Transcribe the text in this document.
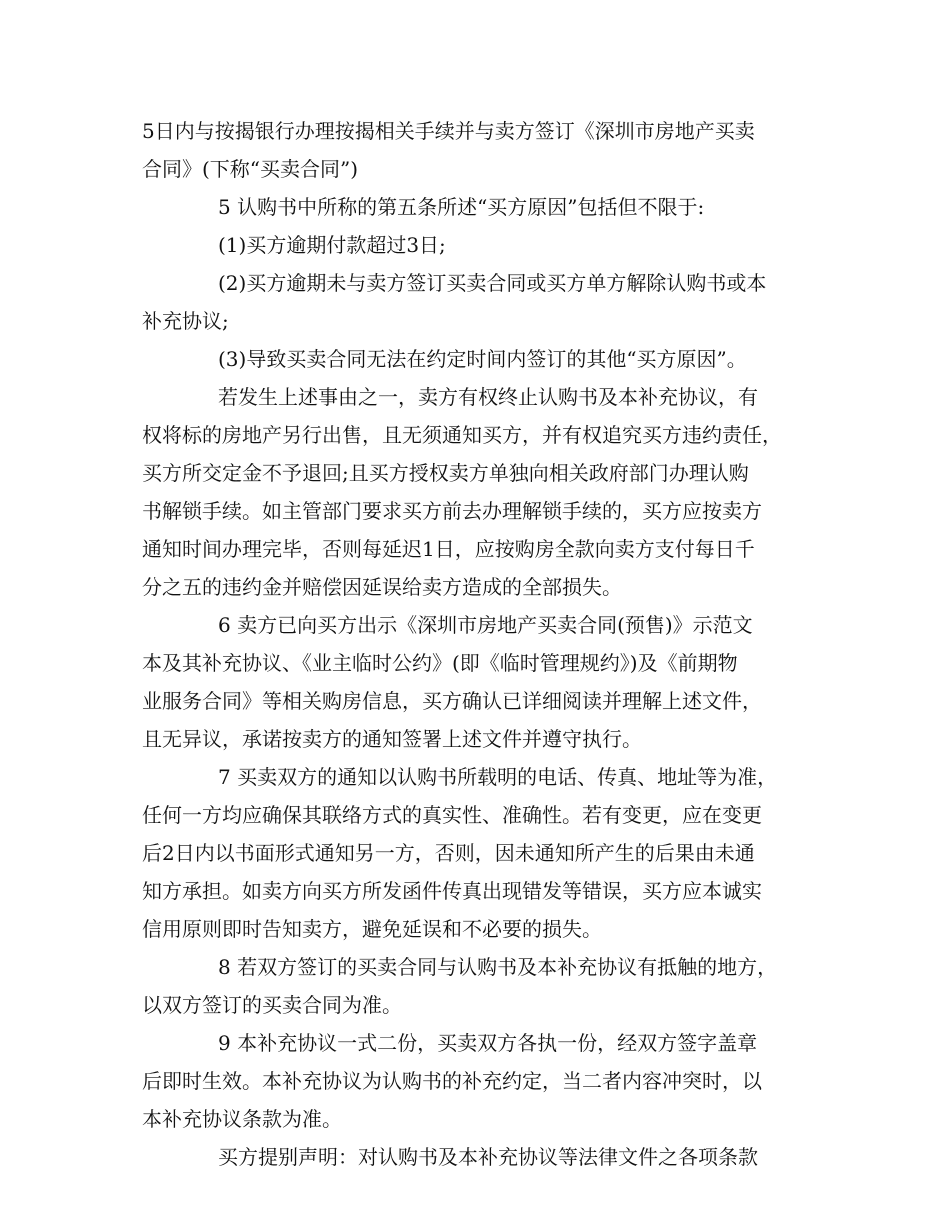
5日内与按揭银行办理按揭相关手续并与卖方签订《深圳市房地产买卖
合同》(下称“买卖合同”)
5 认购书中所称的第五条所述“买方原因”包括但不限于:
(1)买方逾期付款超过3日;
(2)买方逾期未与卖方签订买卖合同或买方单方解除认购书或本
补充协议;
(3)导致买卖合同无法在约定时间内签订的其他“买方原因”。
若发生上述事由之一，卖方有权终止认购书及本补充协议，有
权将标的房地产另行出售，且无须通知买方，并有权追究买方违约责任，
买方所交定金不予退回;且买方授权卖方单独向相关政府部门办理认购
书解锁手续。如主管部门要求买方前去办理解锁手续的，买方应按卖方
通知时间办理完毕，否则每延迟1日，应按购房全款向卖方支付每日千
分之五的违约金并赔偿因延误给卖方造成的全部损失。
6 卖方已向买方出示《深圳市房地产买卖合同(预售)》示范文
本及其补充协议、《业主临时公约》(即《临时管理规约》)及《前期物
业服务合同》等相关购房信息，买方确认已详细阅读并理解上述文件，
且无异议，承诺按卖方的通知签署上述文件并遵守执行。
7 买卖双方的通知以认购书所载明的电话、传真、地址等为准，
任何一方均应确保其联络方式的真实性、准确性。若有变更，应在变更
后2日内以书面形式通知另一方，否则，因未通知所产生的后果由未通
知方承担。如卖方向买方所发函件传真出现错发等错误，买方应本诚实
信用原则即时告知卖方，避免延误和不必要的损失。
8 若双方签订的买卖合同与认购书及本补充协议有抵触的地方，
以双方签订的买卖合同为准。
9 本补充协议一式二份，买卖双方各执一份，经双方签字盖章
后即时生效。本补充协议为认购书的补充约定，当二者内容冲突时，以
本补充协议条款为准。
买方提别声明：对认购书及本补充协议等法律文件之各项条款
